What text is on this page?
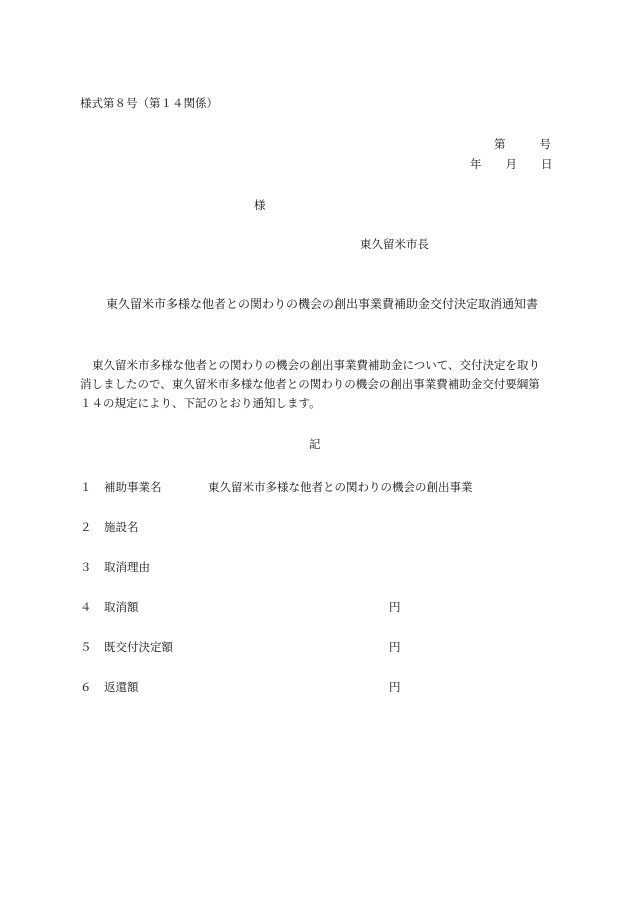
様式第８号（第１４関係）
第	号
年 月 日
様
東久留米市長
東久留米市多様な他者との関わりの機会の創出事業費補助金交付決定取消通知書
東久留米市多様な他者との関わりの機会の創出事業費補助金について、交付決定を取り
消しましたので、東久留米市多様な他者との関わりの機会の創出事業費補助金交付要綱第
１４の規定により、下記のとおり通知します。
記
１ 補助事業名	東久留米市多様な他者との関わりの機会の創出事業
２ 施設名
３ 取消理由
４ 取消額	円
５ 既交付決定額	円
６ 返還額	円
